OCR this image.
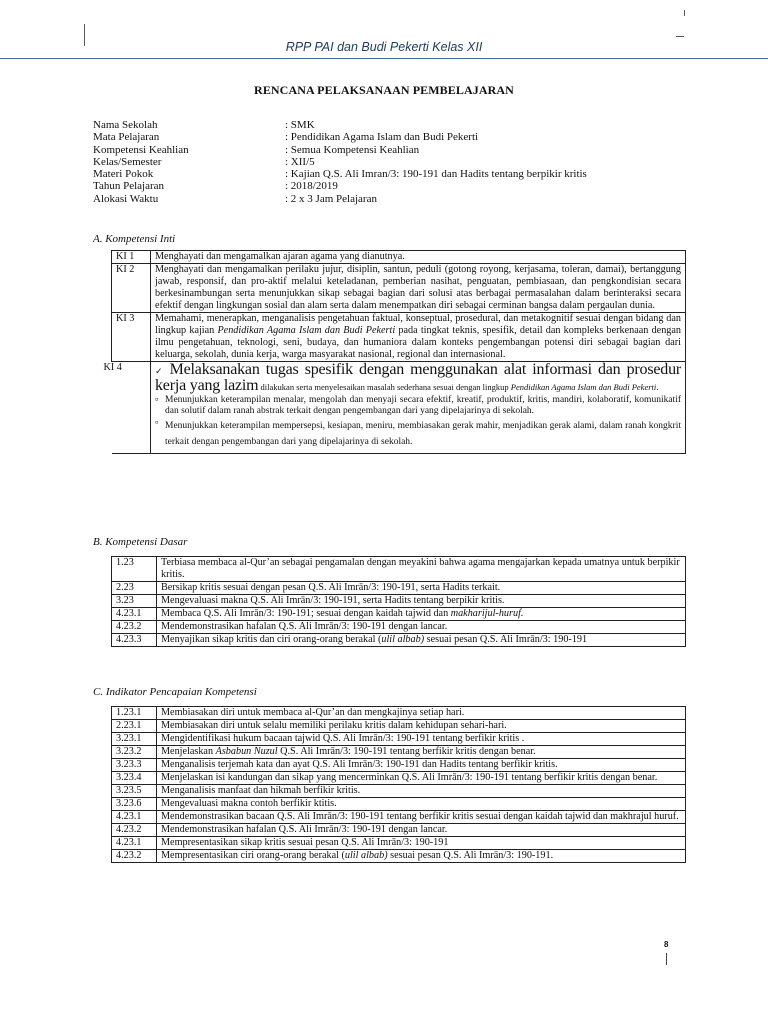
RPP PAI dan Budi Pekerti Kelas XII
RENCANA PELAKSANAAN PEMBELAJARAN
Nama Sekolah	: SMK
Mata Pelajaran	: Pendidikan Agama Islam dan Budi Pekerti
Kompetensi Keahlian	: Semua Kompetensi Keahlian
Kelas/Semester	: XII/5
Materi Pokok	: Kajian Q.S. Ali Imran/3: 190-191 dan Hadits tentang berpikir kritis
Tahun Pelajaran	: 2018/2019
Alokasi Waktu	: 2 x 3 Jam Pelajaran
A. Kompetensi Inti
KI 1	Menghayati dan mengamalkan ajaran agama yang dianutnya.
KI 2	Menghayati dan mengamalkan perilaku jujur, disiplin, santun, peduli (gotong royong, kerjasama, toleran, damai), bertanggung jawab, responsif, dan pro-aktif melalui keteladanan, pemberian nasihat, penguatan, pembiasaan, dan pengkondisian secara berkesinambungan serta menunjukkan sikap sebagai bagian dari solusi atas berbagai permasalahan dalam berinteraksi secara efektif dengan lingkungan sosial dan alam serta dalam menempatkan diri sebagai cerminan bangsa dalam pergaulan dunia.
KI 3	Memahami, menerapkan, menganalisis pengetahuan faktual, konseptual, prosedural, dan metakognitif sesuai dengan bidang dan lingkup kajian Pendidikan Agama Islam dan Budi Pekerti pada tingkat teknis, spesifik, detail dan kompleks berkenaan dengan ilmu pengetahuan, teknologi, seni, budaya, dan humaniora dalam konteks pengembangan potensi diri sebagai bagian dari keluarga, sekolah, dunia kerja, warga masyarakat nasional, regional dan internasional.
KI 4	✓ Melaksanakan tugas spesifik dengan menggunakan alat informasi dan prosedur kerja yang lazim dilakukan serta menyelesaikan masalah sederhana sesuai dengan lingkup Pendidikan Agama Islam dan Budi Pekerti.
▫ Menunjukkan keterampilan menalar, mengolah dan menyaji secara efektif, kreatif, produktif, kritis, mandiri, kolaboratif, komunikatif dan solutif dalam ranah abstrak terkait dengan pengembangan dari yang dipelajarinya di sekolah.
▫ Menunjukkan keterampilan mempersepsi, kesiapan, meniru, membiasakan gerak mahir, menjadikan gerak alami, dalam ranah kongkrit terkait dengan pengembangan dari yang dipelajarinya di sekolah.
B. Kompetensi Dasar
1.23	Terbiasa membaca al-Qur’an sebagai pengamalan dengan meyakini bahwa agama mengajarkan kepada umatnya untuk berpikir kritis.
2.23	Bersikap kritis sesuai dengan pesan Q.S. Ali Imrān/3: 190-191, serta Hadits terkait.
3.23	Mengevaluasi makna Q.S. Ali Imrān/3: 190-191, serta Hadits tentang berpikir kritis.
4.23.1	Membaca Q.S. Ali Imrān/3: 190-191; sesuai dengan kaidah tajwid dan makharijul-huruf.
4.23.2	Mendemonstrasikan hafalan Q.S. Ali Imrān/3: 190-191 dengan lancar.
4.23.3	Menyajikan sikap kritis dan ciri orang-orang berakal (ulil albab) sesuai pesan Q.S. Ali Imrān/3: 190-191
C. Indikator Pencapaian Kompetensi
1.23.1	Membiasakan diri untuk membaca al-Qur’an dan mengkajinya setiap hari.
2.23.1	Membiasakan diri untuk selalu memiliki perilaku kritis dalam kehidupan sehari-hari.
3.23.1	Mengidentifikasi hukum bacaan tajwid Q.S. Ali Imrān/3: 190-191 tentang berfikir kritis .
3.23.2	Menjelaskan Asbabun Nuzul Q.S. Ali Imrān/3: 190-191 tentang berfikir kritis dengan benar.
3.23.3	Menganalisis terjemah kata dan ayat Q.S. Ali Imrān/3: 190-191 dan Hadits tentang berfikir kritis.
3.23.4	Menjelaskan isi kandungan dan sikap yang mencerminkan Q.S. Ali Imrān/3: 190-191 tentang berfikir kritis dengan benar.
3.23.5	Menganalisis manfaat dan hikmah berfikir kritis.
3.23.6	Mengevaluasi makna contoh berfikir ktitis.
4.23.1	Mendemonstrasikan bacaan Q.S. Ali Imrān/3: 190-191 tentang berfikir kritis sesuai dengan kaidah tajwid dan makhrajul huruf.
4.23.2	Mendemonstrasikan hafalan Q.S. Ali Imrān/3: 190-191 dengan lancar.
4.23.1	Mempresentasikan sikap kritis sesuai pesan Q.S. Ali Imrān/3: 190-191
4.23.2	Mempresentasikan ciri orang-orang berakal (ulil albab) sesuai pesan Q.S. Ali Imrān/3: 190-191.
8
